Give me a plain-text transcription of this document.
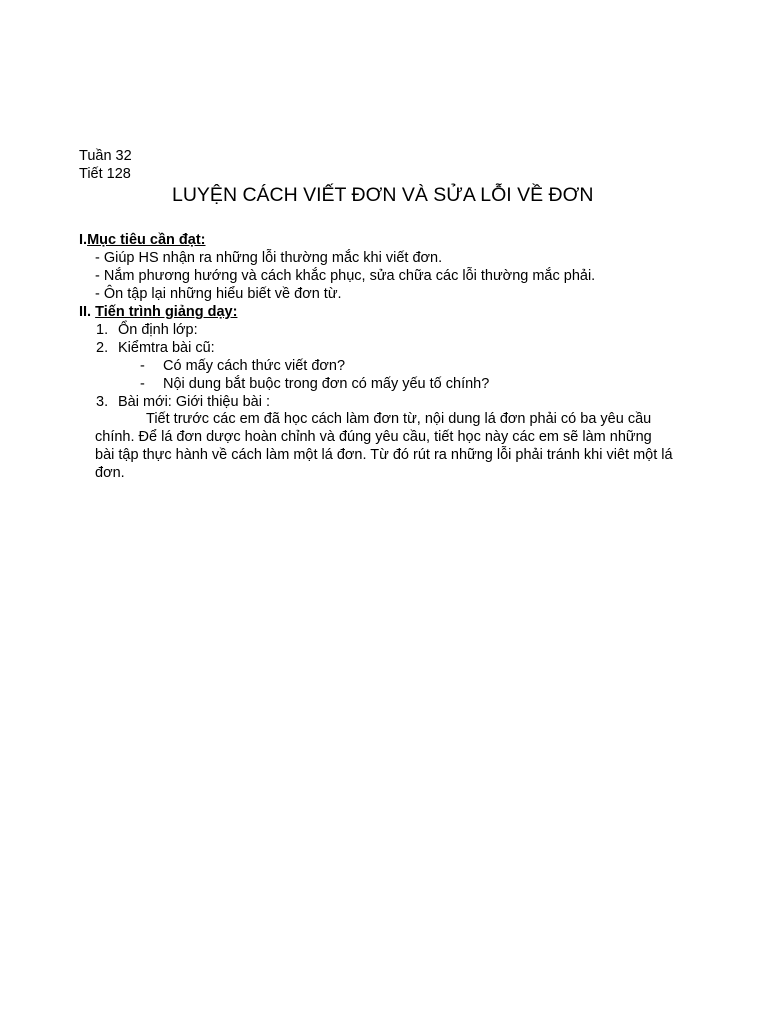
Tuần 32
Tiết 128
LUYỆN CÁCH VIẾT ĐƠN VÀ SỬA LỖI VỀ ĐƠN
I.Mục tiêu cần đạt:
- Giúp HS nhận ra những lỗi thường mắc khi viết đơn.
- Nắm phương hướng và cách khắc phục, sửa chữa các lỗi thường mắc phải.
- Ôn tập lại những hiểu biết về đơn từ.
II. Tiến trình giảng dạy:
1. Ổn định lớp:
2. Kiểmtra bài cũ:
- Có mấy cách thức viết đơn?
- Nội dung bắt buộc trong đơn có mấy yếu tố chính?
3. Bài mới: Giới thiệu bài :
Tiết trước các em đã học cách làm đơn từ, nội dung lá đơn phải có ba yêu cầu
chính. Để lá đơn dược hoàn chỉnh và đúng yêu cầu, tiết học này các em sẽ làm những
bài tập thực hành về cách làm một lá đơn. Từ đó rút ra những lỗi phải tránh khi viêt một lá
đơn.
